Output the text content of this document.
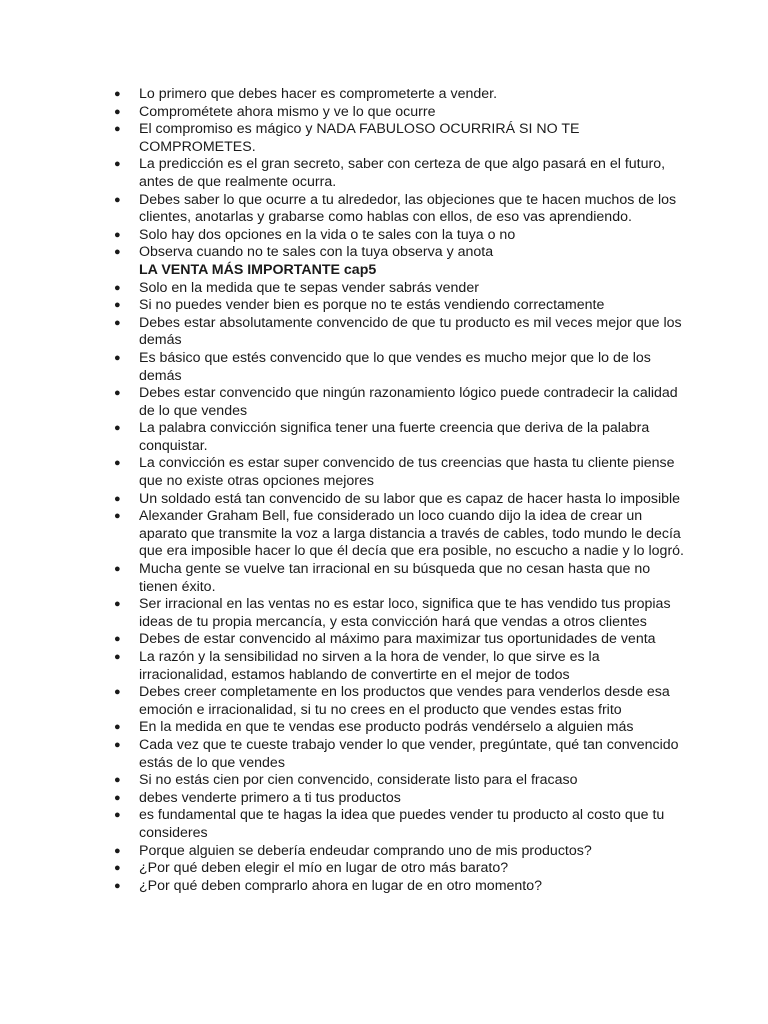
●	Lo primero que debes hacer es comprometerte a vender.
●	Comprométete ahora mismo y ve lo que ocurre
●	El compromiso es mágico y NADA FABULOSO OCURRIRÁ SI NO TE COMPROMETES.
●	La predicción es el gran secreto, saber con certeza de que algo pasará en el futuro, antes de que realmente ocurra.
●	Debes saber lo que ocurre a tu alrededor, las objeciones que te hacen muchos de los clientes, anotarlas y grabarse como hablas con ellos, de eso vas aprendiendo.
●	Solo hay dos opciones en la vida o te sales con la tuya o no
●	Observa cuando no te sales con la tuya observa y anota
LA VENTA MÁS IMPORTANTE cap5
●	Solo en la medida que te sepas vender sabrás vender
●	Si no puedes vender bien es porque no te estás vendiendo correctamente
●	Debes estar absolutamente convencido de que tu producto es mil veces mejor que los demás
●	Es básico que estés convencido que lo que vendes es mucho mejor que lo de los demás
●	Debes estar convencido que ningún razonamiento lógico puede contradecir la calidad de lo que vendes
●	La palabra convicción significa tener una fuerte creencia que deriva de la palabra conquistar.
●	La convicción es estar super convencido de tus creencias que hasta tu cliente piense que no existe otras opciones mejores
●	Un soldado está tan convencido de su labor que es capaz de hacer hasta lo imposible
●	Alexander Graham Bell, fue considerado un loco cuando dijo la idea de crear un aparato que transmite la voz a larga distancia a través de cables, todo mundo le decía que era imposible hacer lo que él decía que era posible, no escucho a nadie y lo logró.
●	Mucha gente se vuelve tan irracional en su búsqueda que no cesan hasta que no tienen éxito.
●	Ser irracional en las ventas no es estar loco, significa que te has vendido tus propias ideas de tu propia mercancía, y esta convicción hará que vendas a otros clientes
●	Debes de estar convencido al máximo para maximizar tus oportunidades de venta
●	La razón y la sensibilidad no sirven a la hora de vender, lo que sirve es la irracionalidad, estamos hablando de convertirte en el mejor de todos
●	Debes creer completamente en los productos que vendes para venderlos desde esa emoción e irracionalidad, si tu no crees en el producto que vendes estas frito
●	En la medida en que te vendas ese producto podrás vendérselo a alguien más
●	Cada vez que te cueste trabajo vender lo que vender, pregúntate, qué tan convencido estás de lo que vendes
●	Si no estás cien por cien convencido, considerate listo para el fracaso
●	debes venderte primero a ti tus productos
●	es fundamental que te hagas la idea que puedes vender tu producto al costo que tu consideres
●	Porque alguien se debería endeudar comprando uno de mis productos?
●	¿Por qué deben elegir el mío en lugar de otro más barato?
●	¿Por qué deben comprarlo ahora en lugar de en otro momento?
